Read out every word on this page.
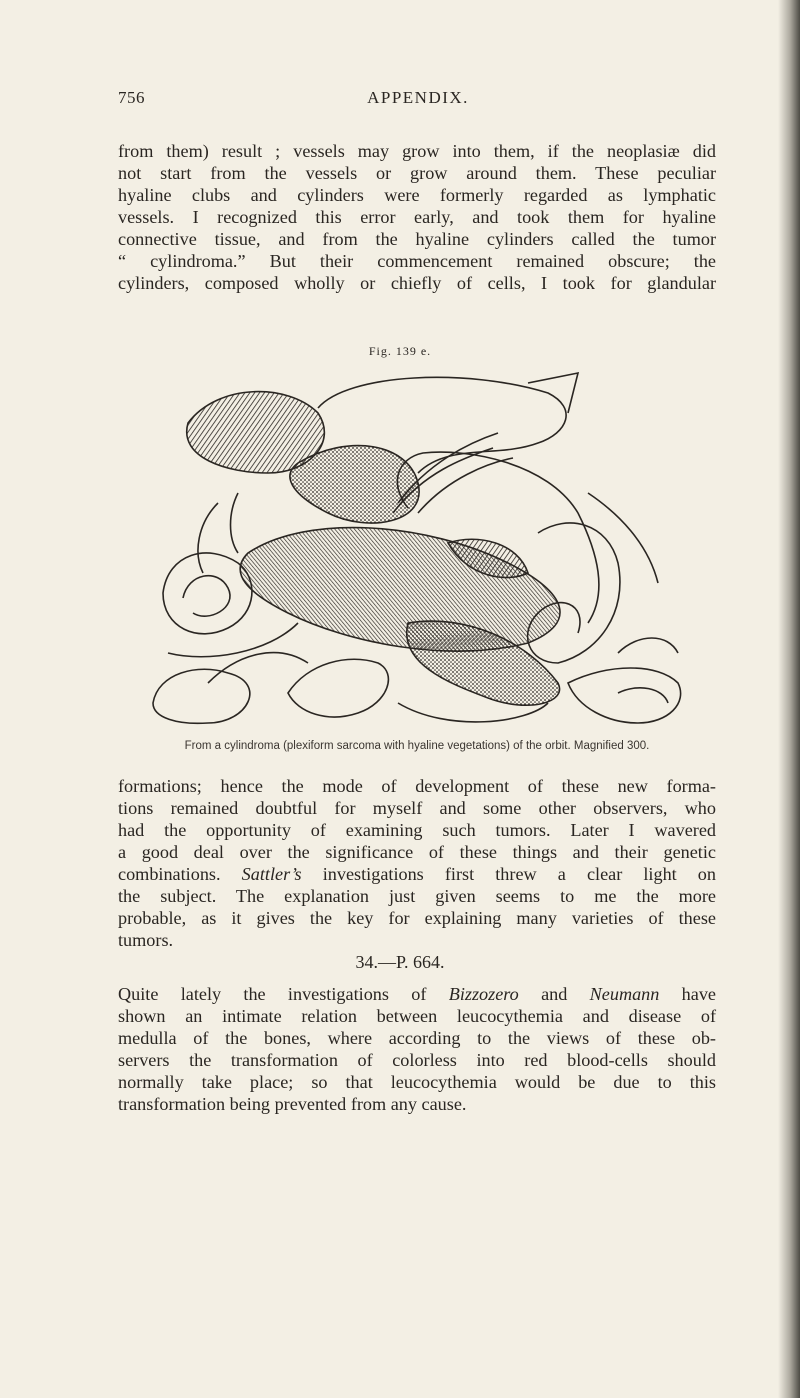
756	APPENDIX.
from them) result ; vessels may grow into them, if the neoplasiæ did
not start from the vessels or grow around them. These peculiar
hyaline clubs and cylinders were formerly regarded as lymphatic
vessels. I recognized this error early, and took them for hyaline
connective tissue, and from the hyaline cylinders called the tumor
“ cylindroma.” But their commencement remained obscure; the
cylinders, composed wholly or chiefly of cells, I took for glandular
Fig. 139 e.
From a cylindroma (plexiform sarcoma with hyaline vegetations) of the orbit. Magnified 300.
formations; hence the mode of development of these new forma-
tions remained doubtful for myself and some other observers, who
had the opportunity of examining such tumors. Later I wavered
a good deal over the significance of these things and their genetic
combinations. Sattler’s investigations first threw a clear light on
the subject. The explanation just given seems to me the more
probable, as it gives the key for explaining many varieties of these
tumors.
34.—P. 664.
Quite lately the investigations of Bizzozero and Neumann have
shown an intimate relation between leucocythemia and disease of
medulla of the bones, where according to the views of these ob-
servers the transformation of colorless into red blood-cells should
normally take place; so that leucocythemia would be due to this
transformation being prevented from any cause.
